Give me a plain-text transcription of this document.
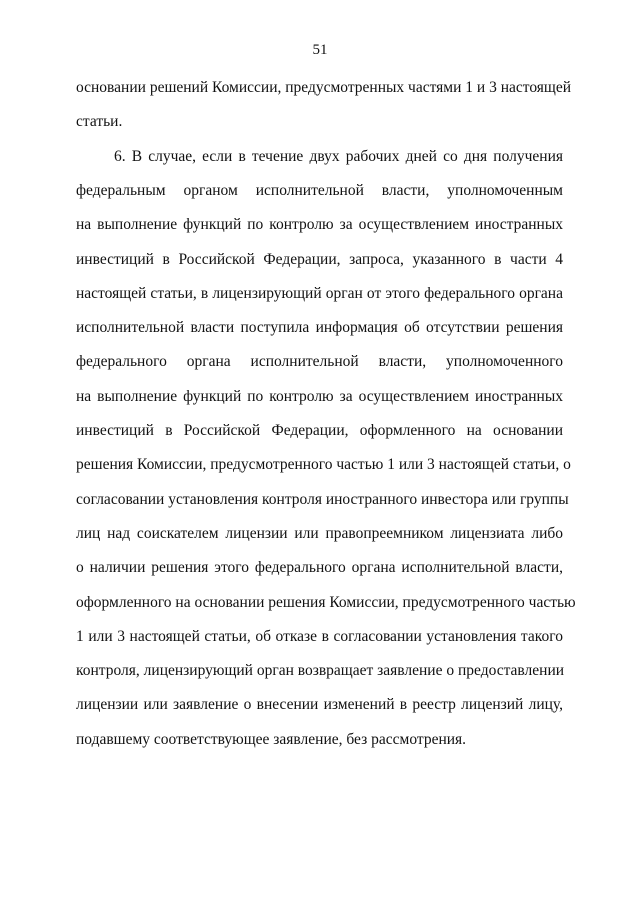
51
основании решений Комиссии, предусмотренных частями 1 и 3 настоящей
статьи.
6. В случае, если в течение двух рабочих дней со дня получения
федеральным органом исполнительной власти, уполномоченным
на выполнение функций по контролю за осуществлением иностранных
инвестиций в Российской Федерации, запроса, указанного в части 4
настоящей статьи, в лицензирующий орган от этого федерального органа
исполнительной власти поступила информация об отсутствии решения
федерального органа исполнительной власти, уполномоченного
на выполнение функций по контролю за осуществлением иностранных
инвестиций в Российской Федерации, оформленного на основании
решения Комиссии, предусмотренного частью 1 или 3 настоящей статьи, о
согласовании установления контроля иностранного инвестора или группы
лиц над соискателем лицензии или правопреемником лицензиата либо
о наличии решения этого федерального органа исполнительной власти,
оформленного на основании решения Комиссии, предусмотренного частью
1 или 3 настоящей статьи, об отказе в согласовании установления такого
контроля, лицензирующий орган возвращает заявление о предоставлении
лицензии или заявление о внесении изменений в реестр лицензий лицу,
подавшему соответствующее заявление, без рассмотрения.
